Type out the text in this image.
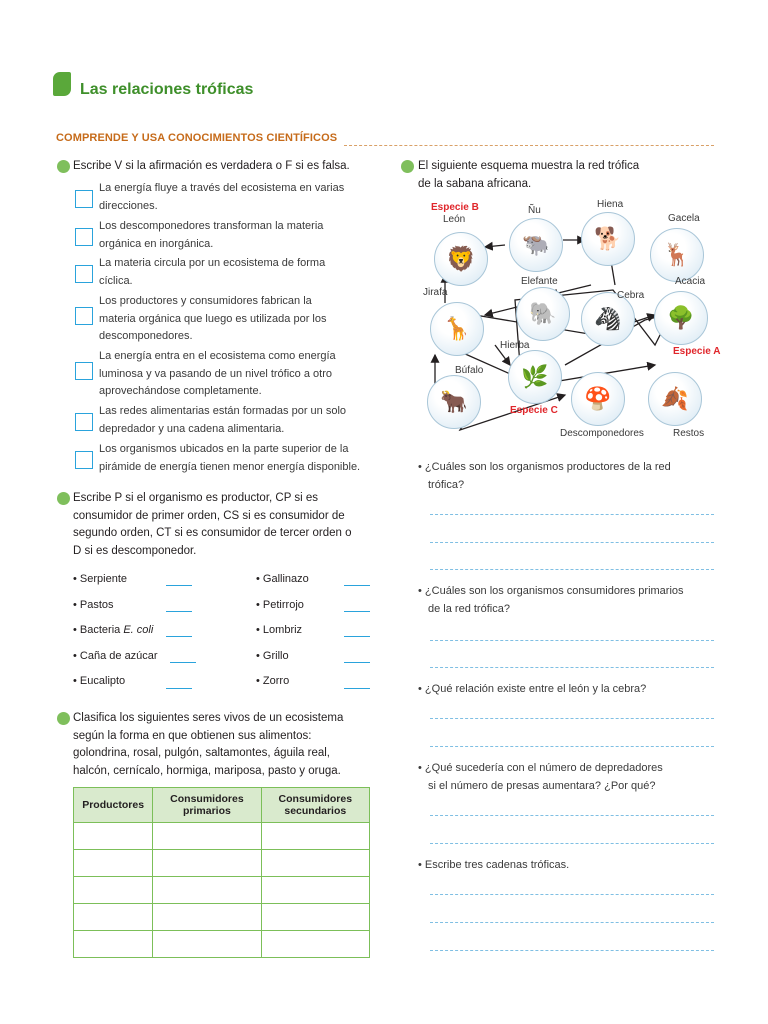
Las relaciones tróficas
COMPRENDE Y USA CONOCIMIENTOS CIENTÍFICOS
Escribe V si la afirmación es verdadera o F si es falsa.
La energía fluye a través del ecosistema en varias
direcciones.
Los descomponedores transforman la materia
orgánica en inorgánica.
La materia circula por un ecosistema de forma
cíclica.
Los productores y consumidores fabrican la
materia orgánica que luego es utilizada por los
descomponedores.
La energía entra en el ecosistema como energía
luminosa y va pasando de un nivel trófico a otro
aprovechándose completamente.
Las redes alimentarias están formadas por un solo
depredador y una cadena alimentaria.
Los organismos ubicados en la parte superior de la
pirámide de energía tienen menor energía disponible.
Escribe P si el organismo es productor, CP si es
consumidor de primer orden, CS si es consumidor de
segundo orden, CT si es consumidor de tercer orden o
D si es descomponedor.
• Serpiente
• Pastos
• Bacteria E. coli
• Caña de azúcar
• Eucalipto
• Gallinazo
• Petirrojo
• Lombriz
• Grillo
• Zorro
Clasifica los siguientes seres vivos de un ecosistema
según la forma en que obtienen sus alimentos:
golondrina, rosal, pulgón, saltamontes, águila real,
halcón, cernícalo, hormiga, mariposa, pasto y oruga.
Productores	Consumidores primarios	Consumidores secundarios

El siguiente esquema muestra la red trófica
de la sabana africana.
🦁
🐃 🐕
🦌
🦒
🐘 🦓 🌳
🌿
🐂	🍄 🍂
Especie B
León
Ñu
Hiena
Gacela
Jirafa
Elefante
Cebra
Acacia
Especie A
Hierba
Búfalo
Especie C
Descomponedores	Restos
• ¿Cuáles son los organismos productores de la red
trófica?
• ¿Cuáles son los organismos consumidores primarios
de la red trófica?
• ¿Qué relación existe entre el león y la cebra?
• ¿Qué sucedería con el número de depredadores
si el número de presas aumentara? ¿Por qué?
• Escribe tres cadenas tróficas.
